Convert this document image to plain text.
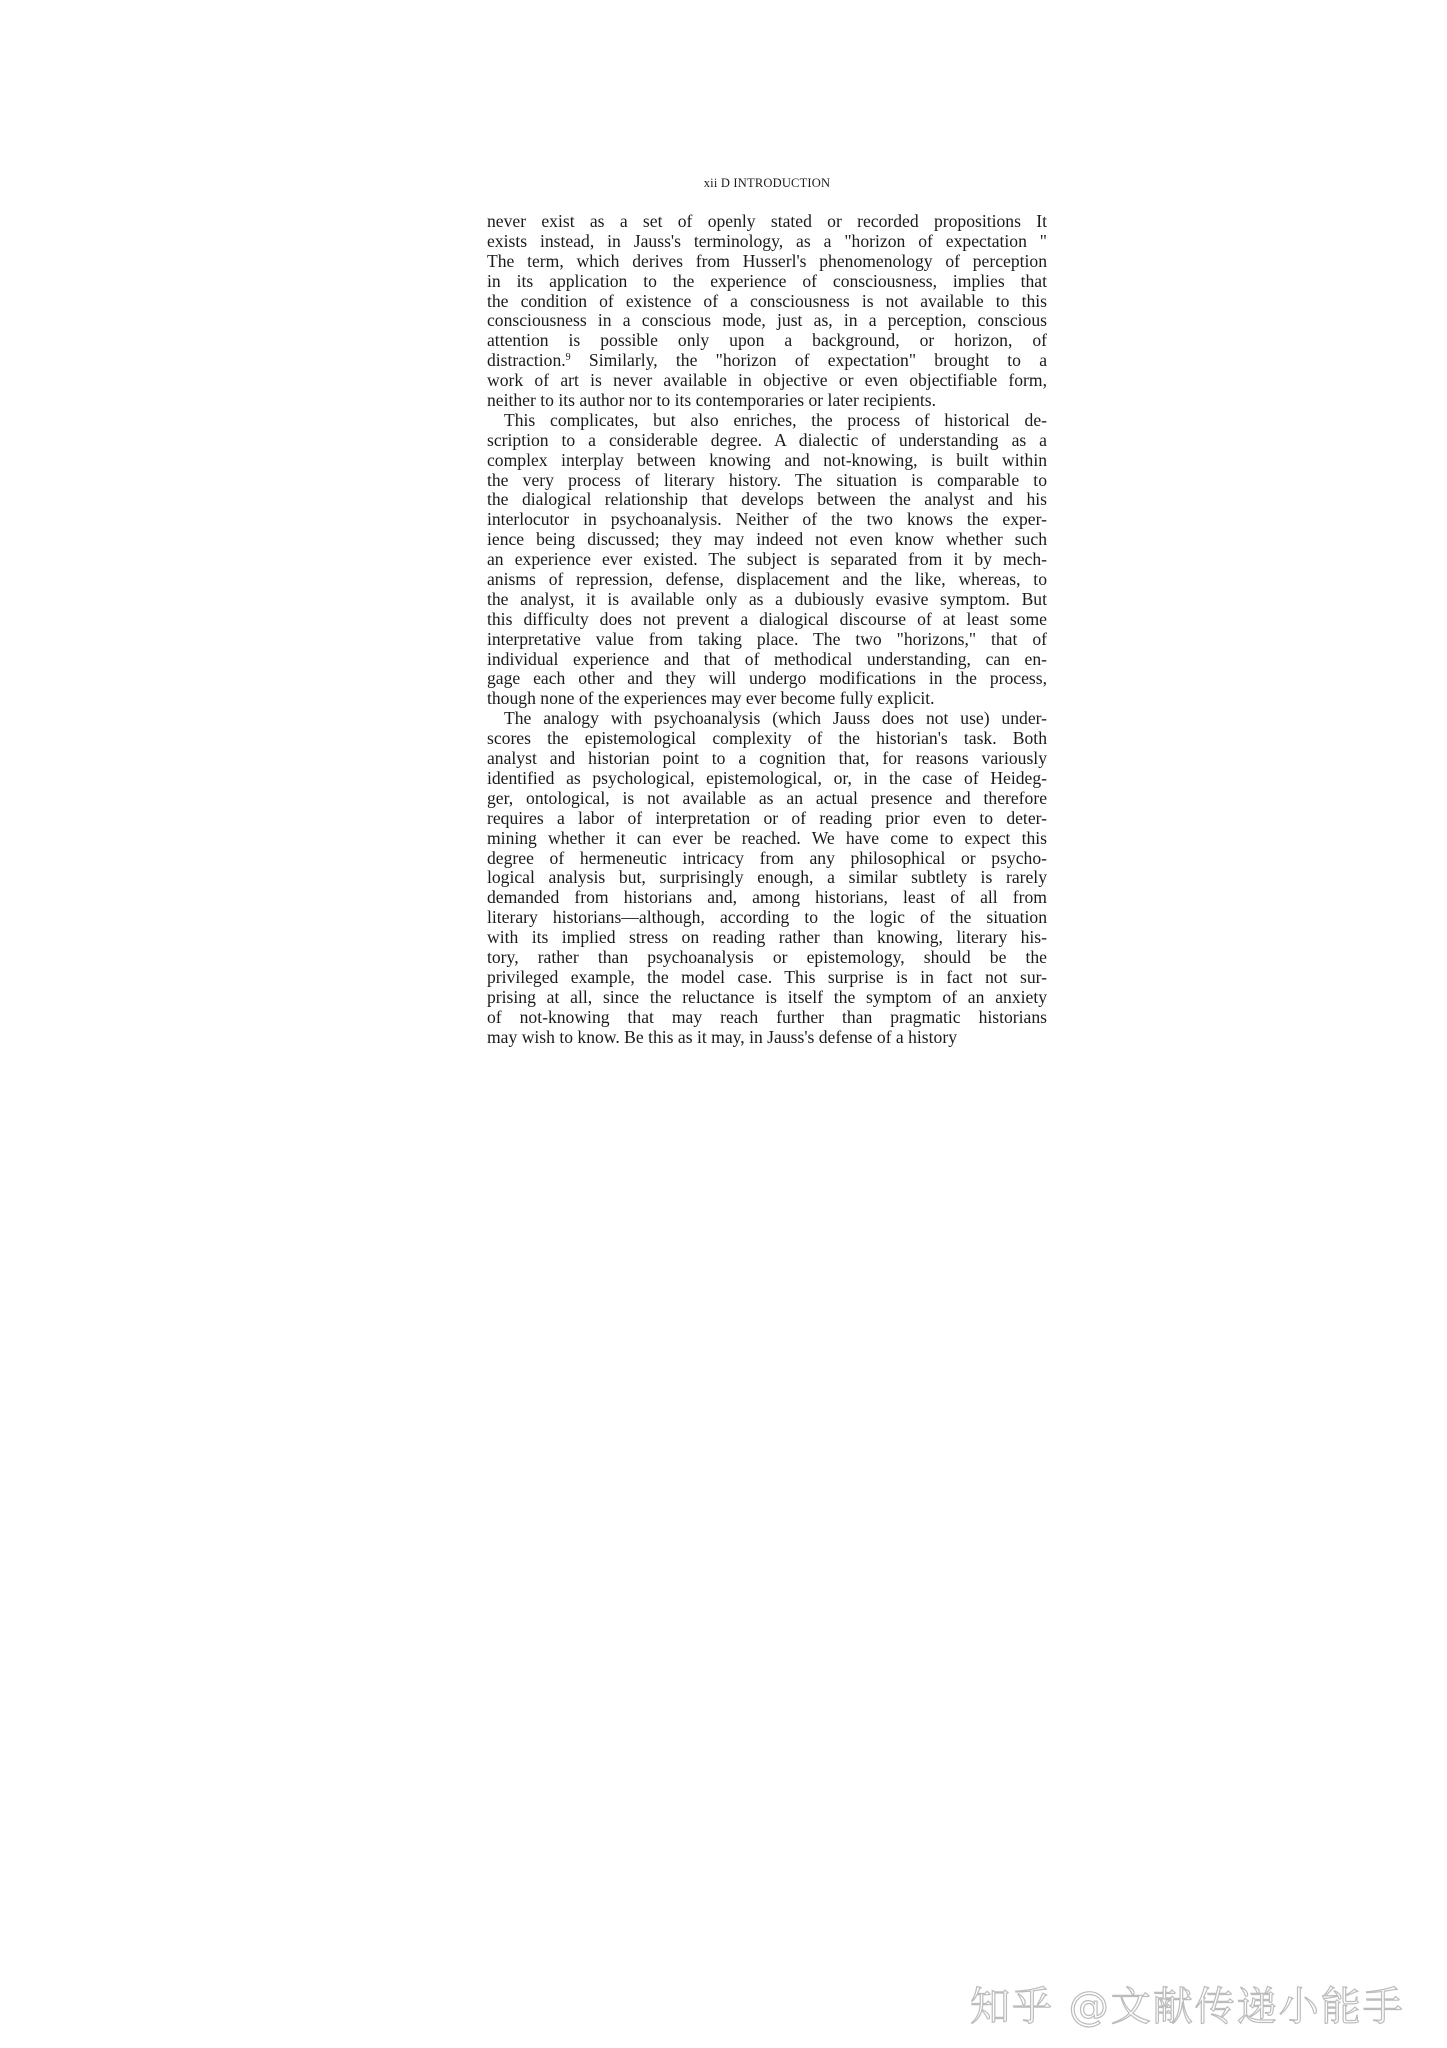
xii D INTRODUCTION
never exist as a set of openly stated or recorded propositions It
exists instead, in Jauss's terminology, as a "horizon of expectation "
The term, which derives from Husserl's phenomenology of perception
in its application to the experience of consciousness, implies that
the condition of existence of a consciousness is not available to this
consciousness in a conscious mode, just as, in a perception, conscious
attention is possible only upon a background, or horizon, of
distraction.$^9$ Similarly, the "horizon of expectation" brought to a
work of art is never available in objective or even objectifiable form,
neither to its author nor to its contemporaries or later recipients.
This complicates, but also enriches, the process of historical de-
scription to a considerable degree. A dialectic of understanding as a
complex interplay between knowing and not-knowing, is built within
the very process of literary history. The situation is comparable to
the dialogical relationship that develops between the analyst and his
interlocutor in psychoanalysis. Neither of the two knows the exper-
ience being discussed; they may indeed not even know whether such
an experience ever existed. The subject is separated from it by mech-
anisms of repression, defense, displacement and the like, whereas, to
the analyst, it is available only as a dubiously evasive symptom. But
this difficulty does not prevent a dialogical discourse of at least some
interpretative value from taking place. The two "horizons," that of
individual experience and that of methodical understanding, can en-
gage each other and they will undergo modifications in the process,
though none of the experiences may ever become fully explicit.
The analogy with psychoanalysis (which Jauss does not use) under-
scores the epistemological complexity of the historian's task. Both
analyst and historian point to a cognition that, for reasons variously
identified as psychological, epistemological, or, in the case of Heideg-
ger, ontological, is not available as an actual presence and therefore
requires a labor of interpretation or of reading prior even to deter-
mining whether it can ever be reached. We have come to expect this
degree of hermeneutic intricacy from any philosophical or psycho-
logical analysis but, surprisingly enough, a similar subtlety is rarely
demanded from historians and, among historians, least of all from
literary historians—although, according to the logic of the situation
with its implied stress on reading rather than knowing, literary his-
tory, rather than psychoanalysis or epistemology, should be the
privileged example, the model case. This surprise is in fact not sur-
prising at all, since the reluctance is itself the symptom of an anxiety
of not-knowing that may reach further than pragmatic historians
may wish to know. Be this as it may, in Jauss's defense of a history
知乎 @文献传递小能手
